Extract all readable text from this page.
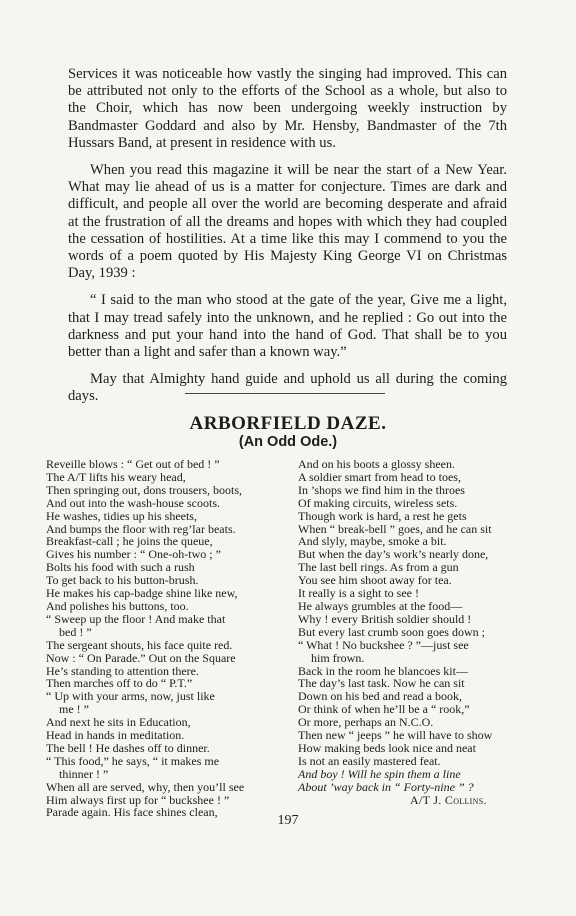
Services it was noticeable how vastly the singing had improved. This can be attributed not only to the efforts of the School as a whole, but also to the Choir, which has now been undergoing weekly instruction by Bandmaster Goddard and also by Mr. Hensby, Bandmaster of the 7th Hussars Band, at present in residence with us.

When you read this magazine it will be near the start of a New Year. What may lie ahead of us is a matter for conjecture. Times are dark and difficult, and people all over the world are becoming desperate and afraid at the frustration of all the dreams and hopes with which they had coupled the cessation of hostilities. At a time like this may I commend to you the words of a poem quoted by His Majesty King George VI on Christmas Day, 1939 :

“ I said to the man who stood at the gate of the year, Give me a light, that I may tread safely into the unknown, and he replied : Go out into the darkness and put your hand into the hand of God. That shall be to you better than a light and safer than a known way.”

May that Almighty hand guide and uphold us all during the coming days.

ARBORFIELD DAZE.
(An Odd Ode.)
Reveille blows : “ Get out of bed ! ”
The A/T lifts his weary head,
Then springing out, dons trousers, boots,
And out into the wash-house scoots.
He washes, tidies up his sheets,
And bumps the floor with reg’lar beats.
Breakfast-call ; he joins the queue,
Gives his number : “ One-oh-two ; ”
Bolts his food with such a rush
To get back to his button-brush.
He makes his cap-badge shine like new,
And polishes his buttons, too.
“ Sweep up the floor ! And make that
bed ! ”
The sergeant shouts, his face quite red.
Now : “ On Parade.” Out on the Square
He’s standing to attention there.
Then marches off to do “ P.T.”
“ Up with your arms, now, just like
me ! ”
And next he sits in Education,
Head in hands in meditation.
The bell ! He dashes off to dinner.
“ This food,” he says, “ it makes me
thinner ! ”
When all are served, why, then you’ll see
Him always first up for “ buckshee ! ”
Parade again. His face shines clean,
And on his boots a glossy sheen.
A soldier smart from head to toes,
In ’shops we find him in the throes
Of making circuits, wireless sets.
Though work is hard, a rest he gets
When “ break-bell ” goes, and he can sit
And slyly, maybe, smoke a bit.
But when the day’s work’s nearly done,
The last bell rings. As from a gun
You see him shoot away for tea.
It really is a sight to see !
He always grumbles at the food—
Why ! every British soldier should !
But every last crumb soon goes down ;
“ What ! No buckshee ? ”—just see
him frown.
Back in the room he blancoes kit—
The day’s last task. Now he can sit
Down on his bed and read a book,
Or think of when he’ll be a “ rook,”
Or more, perhaps an N.C.O.
Then new “ jeeps ” he will have to show
How making beds look nice and neat
Is not an easily mastered feat.
And boy ! Will he spin them a line
About ’way back in “ Forty-nine ” ?
A/T J. Collins.
197
